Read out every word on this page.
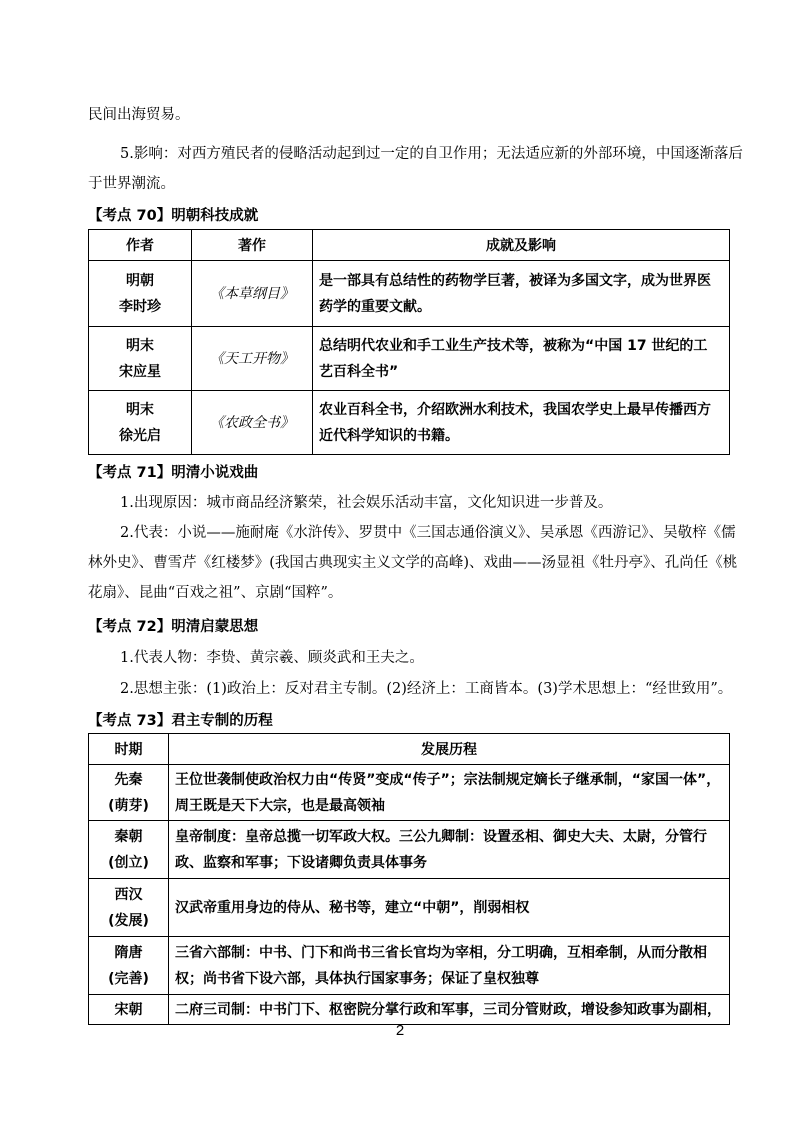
民间出海贸易。
5.影响：对西方殖民者的侵略活动起到过一定的自卫作用；无法适应新的外部环境，中国逐渐落后
于世界潮流。
【考点 70】明朝科技成就
作者	著作	成就及影响
明朝
李时珍	《本草纲目》	是一部具有总结性的药物学巨著，被译为多国文字，成为世界医
药学的重要文献。
明末
宋应星	《天工开物》	总结明代农业和手工业生产技术等，被称为“中国 17 世纪的工
艺百科全书”
明末
徐光启	《农政全书》	农业百科全书，介绍欧洲水利技术，我国农学史上最早传播西方
近代科学知识的书籍。
【考点 71】明清小说戏曲
1.出现原因：城市商品经济繁荣，社会娱乐活动丰富，文化知识进一步普及。
2.代表：小说——施耐庵《水浒传》、罗贯中《三国志通俗演义》、吴承恩《西游记》、吴敬梓《儒
林外史》、曹雪芹《红楼梦》(我国古典现实主义文学的高峰)、戏曲——汤显祖《牡丹亭》、孔尚任《桃
花扇》、昆曲“百戏之祖”、京剧“国粹”。
【考点 72】明清启蒙思想
1.代表人物：李贽、黄宗羲、顾炎武和王夫之。
2.思想主张：(1)政治上：反对君主专制。(2)经济上：工商皆本。(3)学术思想上：“经世致用”。
【考点 73】君主专制的历程
时期	发展历程
先秦
(萌芽)	王位世袭制使政治权力由“传贤”变成“传子”；宗法制规定嫡长子继承制，“家国一体”，
周王既是天下大宗，也是最高领袖
秦朝
(创立)	皇帝制度：皇帝总揽一切军政大权。三公九卿制：设置丞相、御史大夫、太尉，分管行
政、监察和军事；下设诸卿负责具体事务
西汉
(发展)	汉武帝重用身边的侍从、秘书等，建立“中朝”，削弱相权
隋唐
(完善)	三省六部制：中书、门下和尚书三省长官均为宰相，分工明确，互相牵制，从而分散相
权；尚书省下设六部，具体执行国家事务；保证了皇权独尊
宋朝	二府三司制：中书门下、枢密院分掌行政和军事，三司分管财政，增设参知政事为副相，
2
